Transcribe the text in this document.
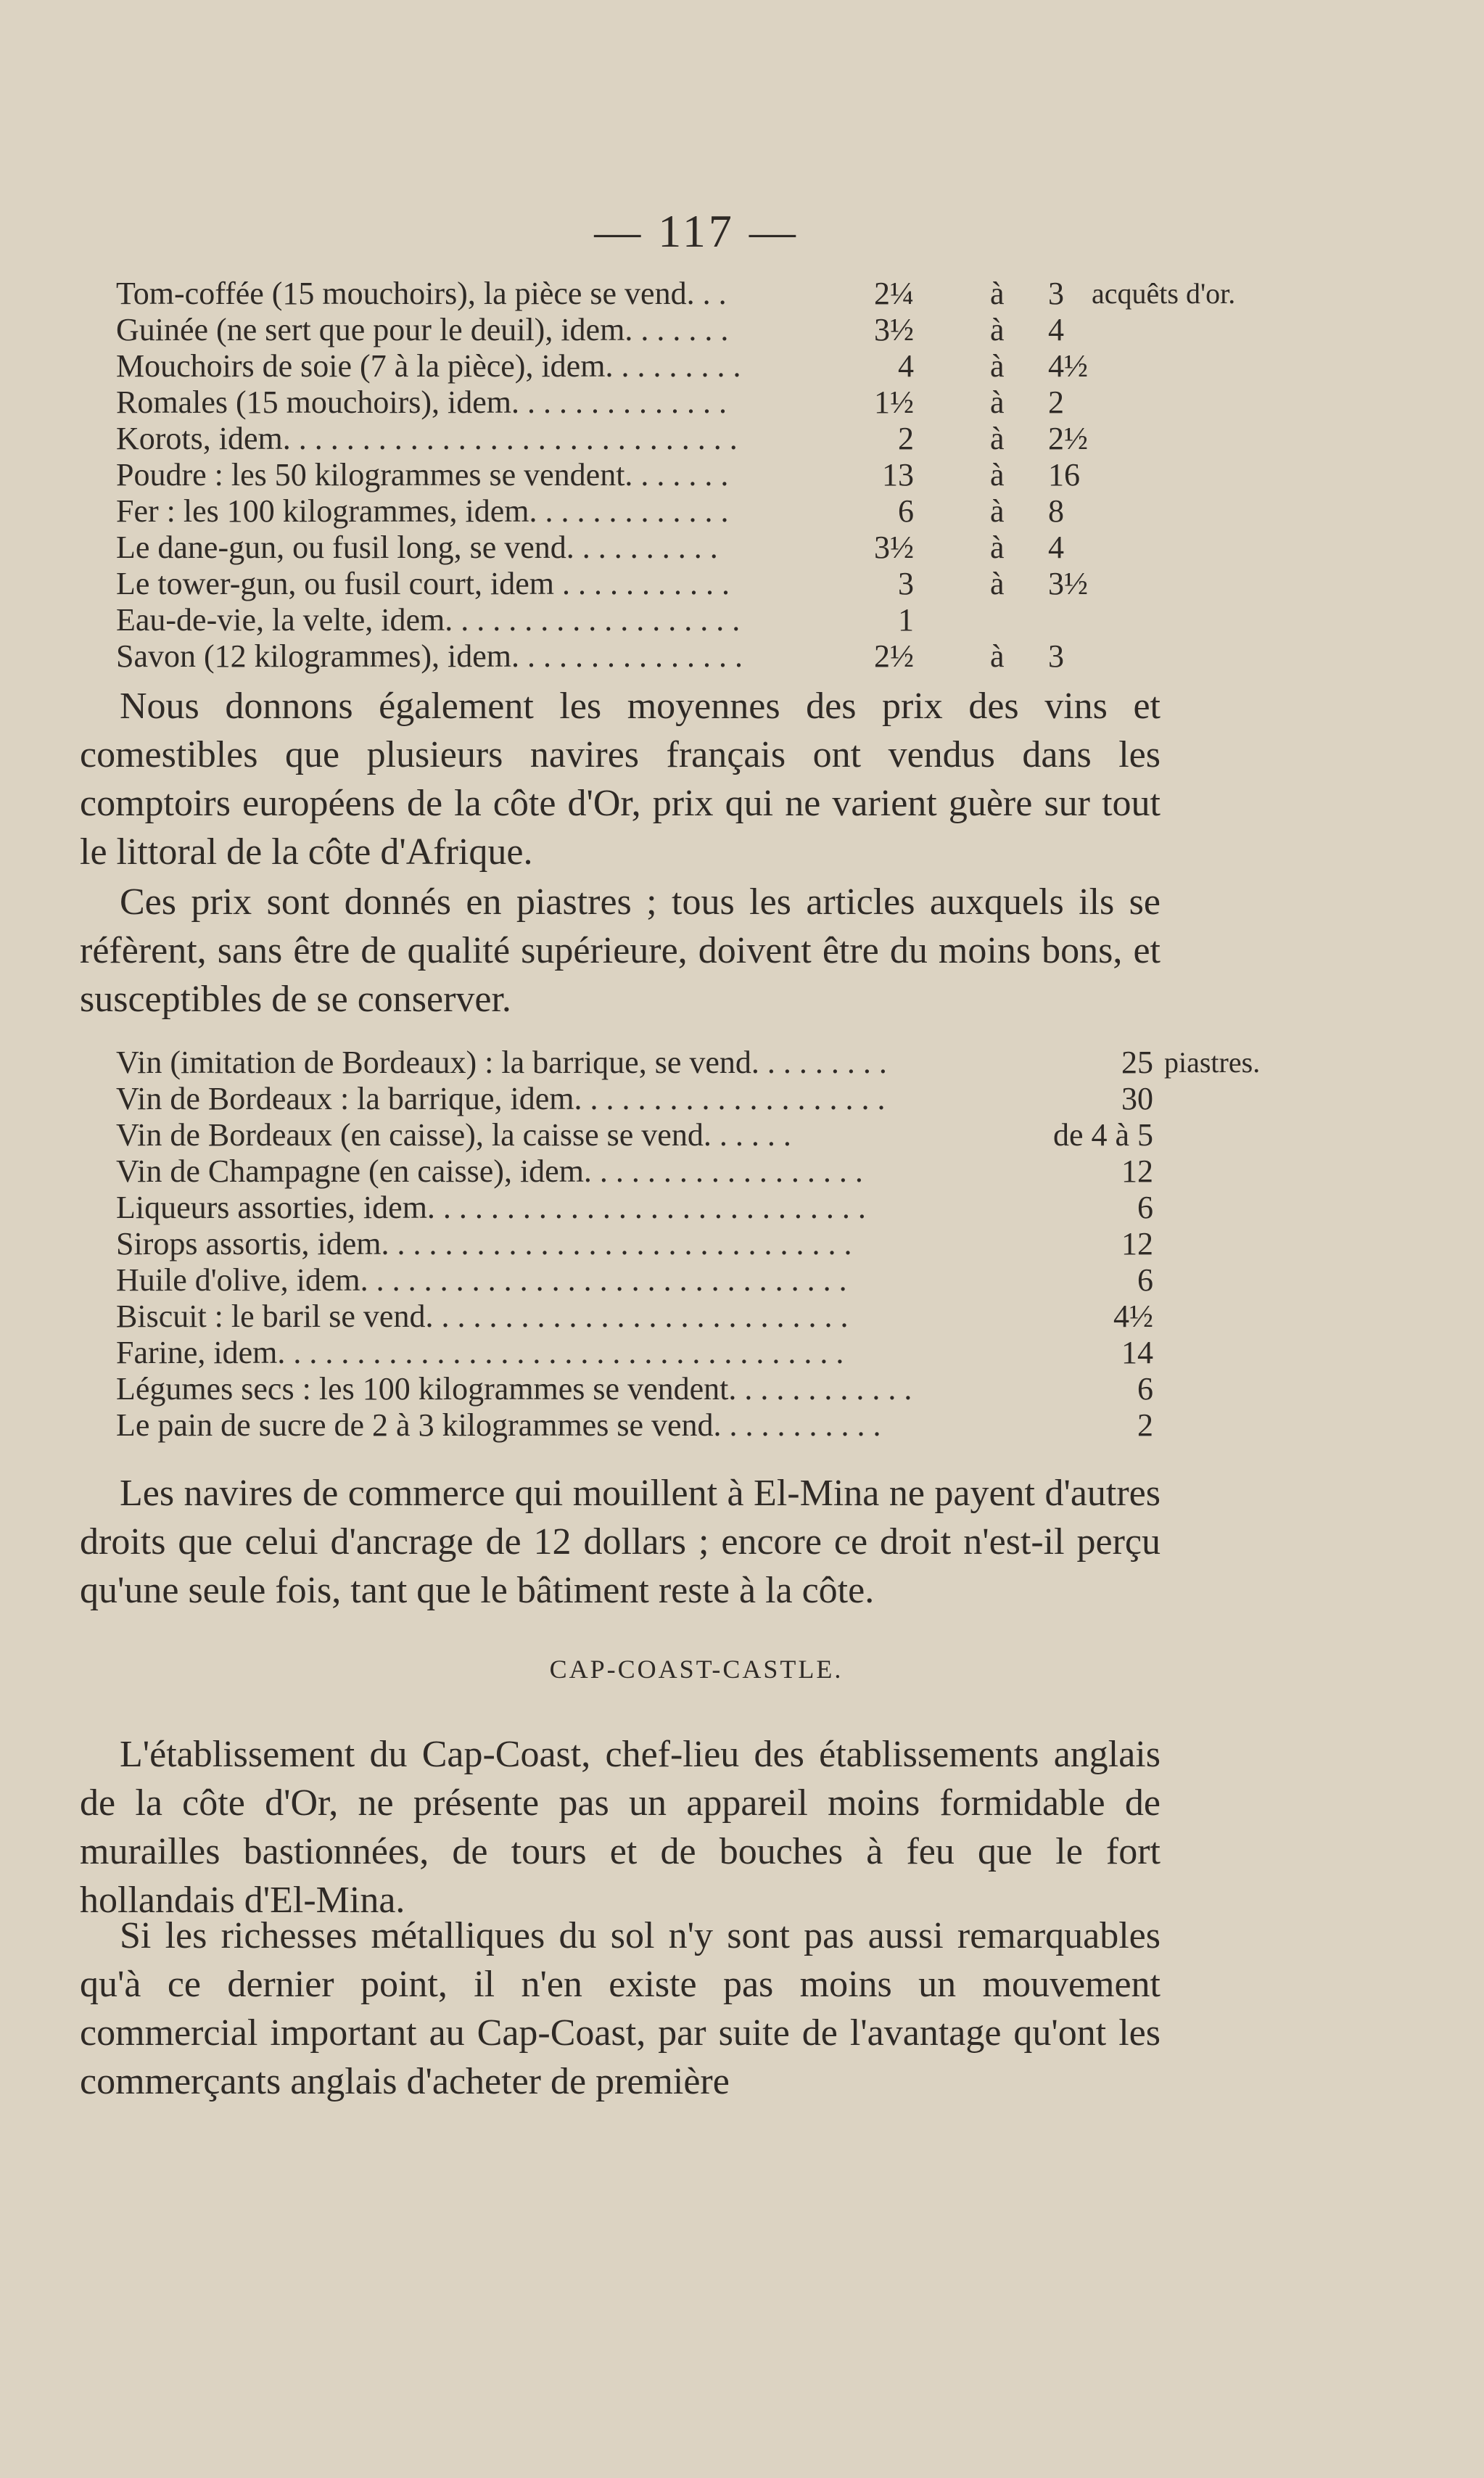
— 117 —
Tom-coffée (15 mouchoirs), la pièce se vend. . .	2¼ à 3 acquêts d'or.
Guinée (ne sert que pour le deuil), idem. . . . . . .	3½ à 4
Mouchoirs de soie (7 à la pièce), idem. . . . . . . . .	4 à 4½
Romales (15 mouchoirs), idem. . . . . . . . . . . . . .	1½ à 2
Korots, idem. . . . . . . . . . . . . . . . . . . . . . . . . . . . .	2 à 2½
Poudre : les 50 kilogrammes se vendent. . . . . . .	13 à 16
Fer : les 100 kilogrammes, idem. . . . . . . . . . . . .	6 à 8
Le dane-gun, ou fusil long, se vend. . . . . . . . . .	3½ à 4
Le tower-gun, ou fusil court, idem . . . . . . . . . . .	3 à 3½
Eau-de-vie, la velte, idem. . . . . . . . . . . . . . . . . . .	1
Savon (12 kilogrammes), idem. . . . . . . . . . . . . . .	2½ à 3

Nous donnons également les moyennes des prix des vins et comestibles que plusieurs navires français ont vendus dans les comptoirs européens de la côte d'Or, prix qui ne varient guère sur tout le littoral de la côte d'Afrique.

Ces prix sont donnés en piastres ; tous les articles auxquels ils se réfèrent, sans être de qualité supérieure, doivent être du moins bons, et susceptibles de se conserver.

Vin (imitation de Bordeaux) : la barrique, se vend. . . . . . . . .	25 piastres.
Vin de Bordeaux : la barrique, idem. . . . . . . . . . . . . . . . . . . .	30
Vin de Bordeaux (en caisse), la caisse se vend. . . . . .	de 4 à 5
Vin de Champagne (en caisse), idem. . . . . . . . . . . . . . . . . .	12
Liqueurs assorties, idem. . . . . . . . . . . . . . . . . . . . . . . . . . . .	6
Sirops assortis, idem. . . . . . . . . . . . . . . . . . . . . . . . . . . . . .	12
Huile d'olive, idem. . . . . . . . . . . . . . . . . . . . . . . . . . . . . . .	6
Biscuit : le baril se vend. . . . . . . . . . . . . . . . . . . . . . . . . . .	4½
Farine, idem. . . . . . . . . . . . . . . . . . . . . . . . . . . . . . . . . . . .	14
Légumes secs : les 100 kilogrammes se vendent. . . . . . . . . . . .	6
Le pain de sucre de 2 à 3 kilogrammes se vend. . . . . . . . . . .	2

Les navires de commerce qui mouillent à El-Mina ne payent d'autres droits que celui d'ancrage de 12 dollars ; encore ce droit n'est-il perçu qu'une seule fois, tant que le bâtiment reste à la côte.

CAP-COAST-CASTLE.

L'établissement du Cap-Coast, chef-lieu des établissements anglais de la côte d'Or, ne présente pas un appareil moins formidable de murailles bastionnées, de tours et de bouches à feu que le fort hollandais d'El-Mina.

Si les richesses métalliques du sol n'y sont pas aussi remarquables qu'à ce dernier point, il n'en existe pas moins un mouvement commercial important au Cap-Coast, par suite de l'avantage qu'ont les commerçants anglais d'acheter de première
